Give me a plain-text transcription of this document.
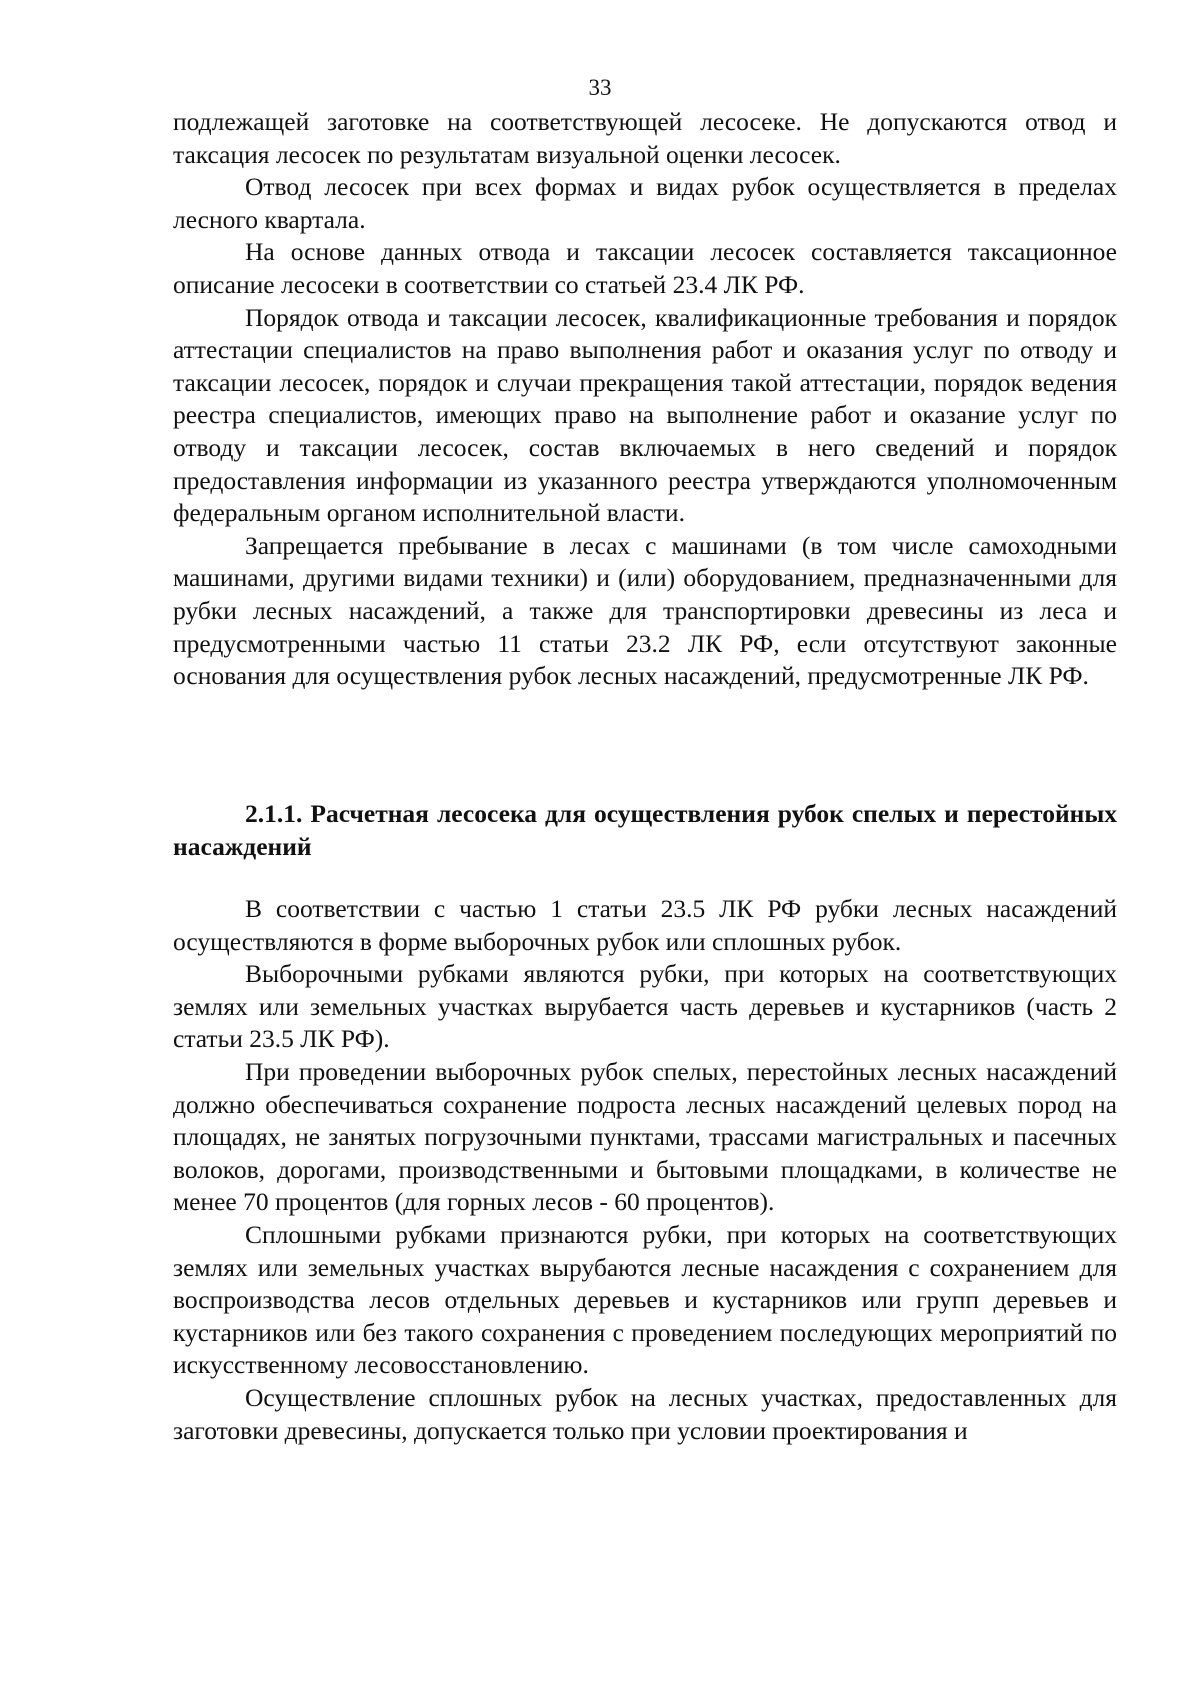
33

подлежащей заготовке на соответствующей лесосеке. Не допускаются отвод и таксация лесосек по результатам визуальной оценки лесосек.

Отвод лесосек при всех формах и видах рубок осуществляется в пределах лесного квартала.

На основе данных отвода и таксации лесосек составляется таксационное описание лесосеки в соответствии со статьей 23.4 ЛК РФ.

Порядок отвода и таксации лесосек, квалификационные требования и порядок аттестации специалистов на право выполнения работ и оказания услуг по отводу и таксации лесосек, порядок и случаи прекращения такой аттестации, порядок ведения реестра специалистов, имеющих право на выполнение работ и оказание услуг по отводу и таксации лесосек, состав включаемых в него сведений и порядок предоставления информации из указанного реестра утверждаются уполномоченным федеральным органом исполнительной власти.

Запрещается пребывание в лесах с машинами (в том числе самоходными машинами, другими видами техники) и (или) оборудованием, предназначенными для рубки лесных насаждений, а также для транспортировки древесины из леса и предусмотренными частью 11 статьи 23.2 ЛК РФ, если отсутствуют законные основания для осуществления рубок лесных насаждений, предусмотренные ЛК РФ.

2.1.1. Расчетная лесосека для осуществления рубок спелых и перестойных насаждений

В соответствии с частью 1 статьи 23.5 ЛК РФ рубки лесных насаждений осуществляются в форме выборочных рубок или сплошных рубок.

Выборочными рубками являются рубки, при которых на соответствующих землях или земельных участках вырубается часть деревьев и кустарников (часть 2 статьи 23.5 ЛК РФ).

При проведении выборочных рубок спелых, перестойных лесных насаждений должно обеспечиваться сохранение подроста лесных насаждений целевых пород на площадях, не занятых погрузочными пунктами, трассами магистральных и пасечных волоков, дорогами, производственными и бытовыми площадками, в количестве не менее 70 процентов (для горных лесов - 60 процентов).

Сплошными рубками признаются рубки, при которых на соответствующих землях или земельных участках вырубаются лесные насаждения с сохранением для воспроизводства лесов отдельных деревьев и кустарников или групп деревьев и кустарников или без такого сохранения с проведением последующих мероприятий по искусственному лесовосстановлению.

Осуществление сплошных рубок на лесных участках, предоставленных для заготовки древесины, допускается только при условии проектирования и
